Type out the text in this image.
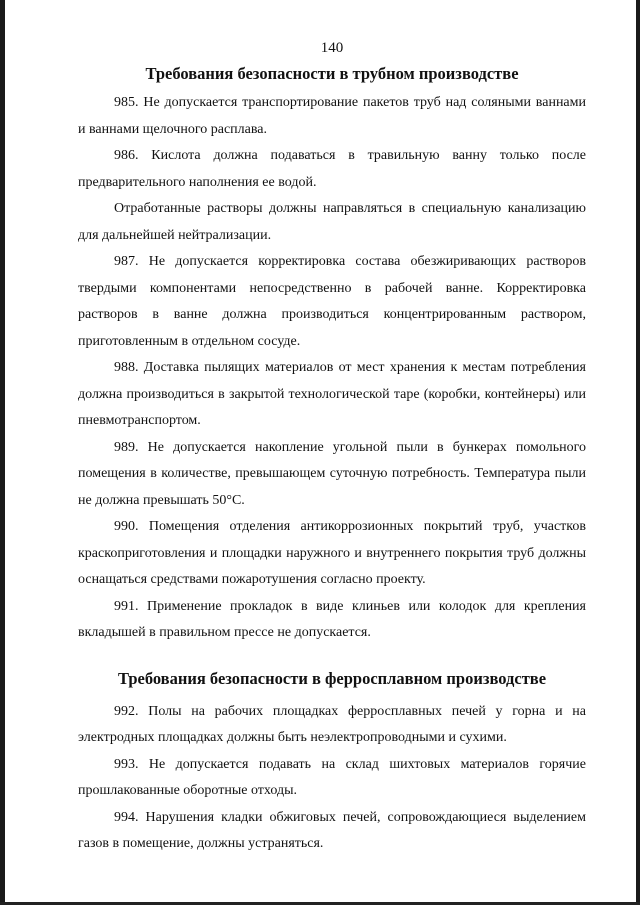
140
Требования безопасности в трубном производстве

985. Не допускается транспортирование пакетов труб над соляными ваннами и ваннами щелочного расплава.

986. Кислота должна подаваться в травильную ванну только после предварительного наполнения ее водой.

Отработанные растворы должны направляться в специальную канализацию для дальнейшей нейтрализации.

987. Не допускается корректировка состава обезжиривающих растворов твердыми компонентами непосредственно в рабочей ванне. Корректировка растворов в ванне должна производиться концентрированным раствором, приготовленным в отдельном сосуде.

988. Доставка пылящих материалов от мест хранения к местам потребления должна производиться в закрытой технологической таре (коробки, контейнеры) или пневмотранспортом.

989. Не допускается накопление угольной пыли в бункерах помольного помещения в количестве, превышающем суточную потребность. Температура пыли не должна превышать 50°С.

990. Помещения отделения антикоррозионных покрытий труб, участков краскоприготовления и площадки наружного и внутреннего покрытия труб должны оснащаться средствами пожаротушения согласно проекту.

991. Применение прокладок в виде клиньев или колодок для крепления вкладышей в правильном прессе не допускается.

Требования безопасности в ферросплавном производстве

992. Полы на рабочих площадках ферросплавных печей у горна и на электродных площадках должны быть неэлектропроводными и сухими.

993. Не допускается подавать на склад шихтовых материалов горячие прошлакованные оборотные отходы.

994. Нарушения кладки обжиговых печей, сопровождающиеся выделением газов в помещение, должны устраняться.
